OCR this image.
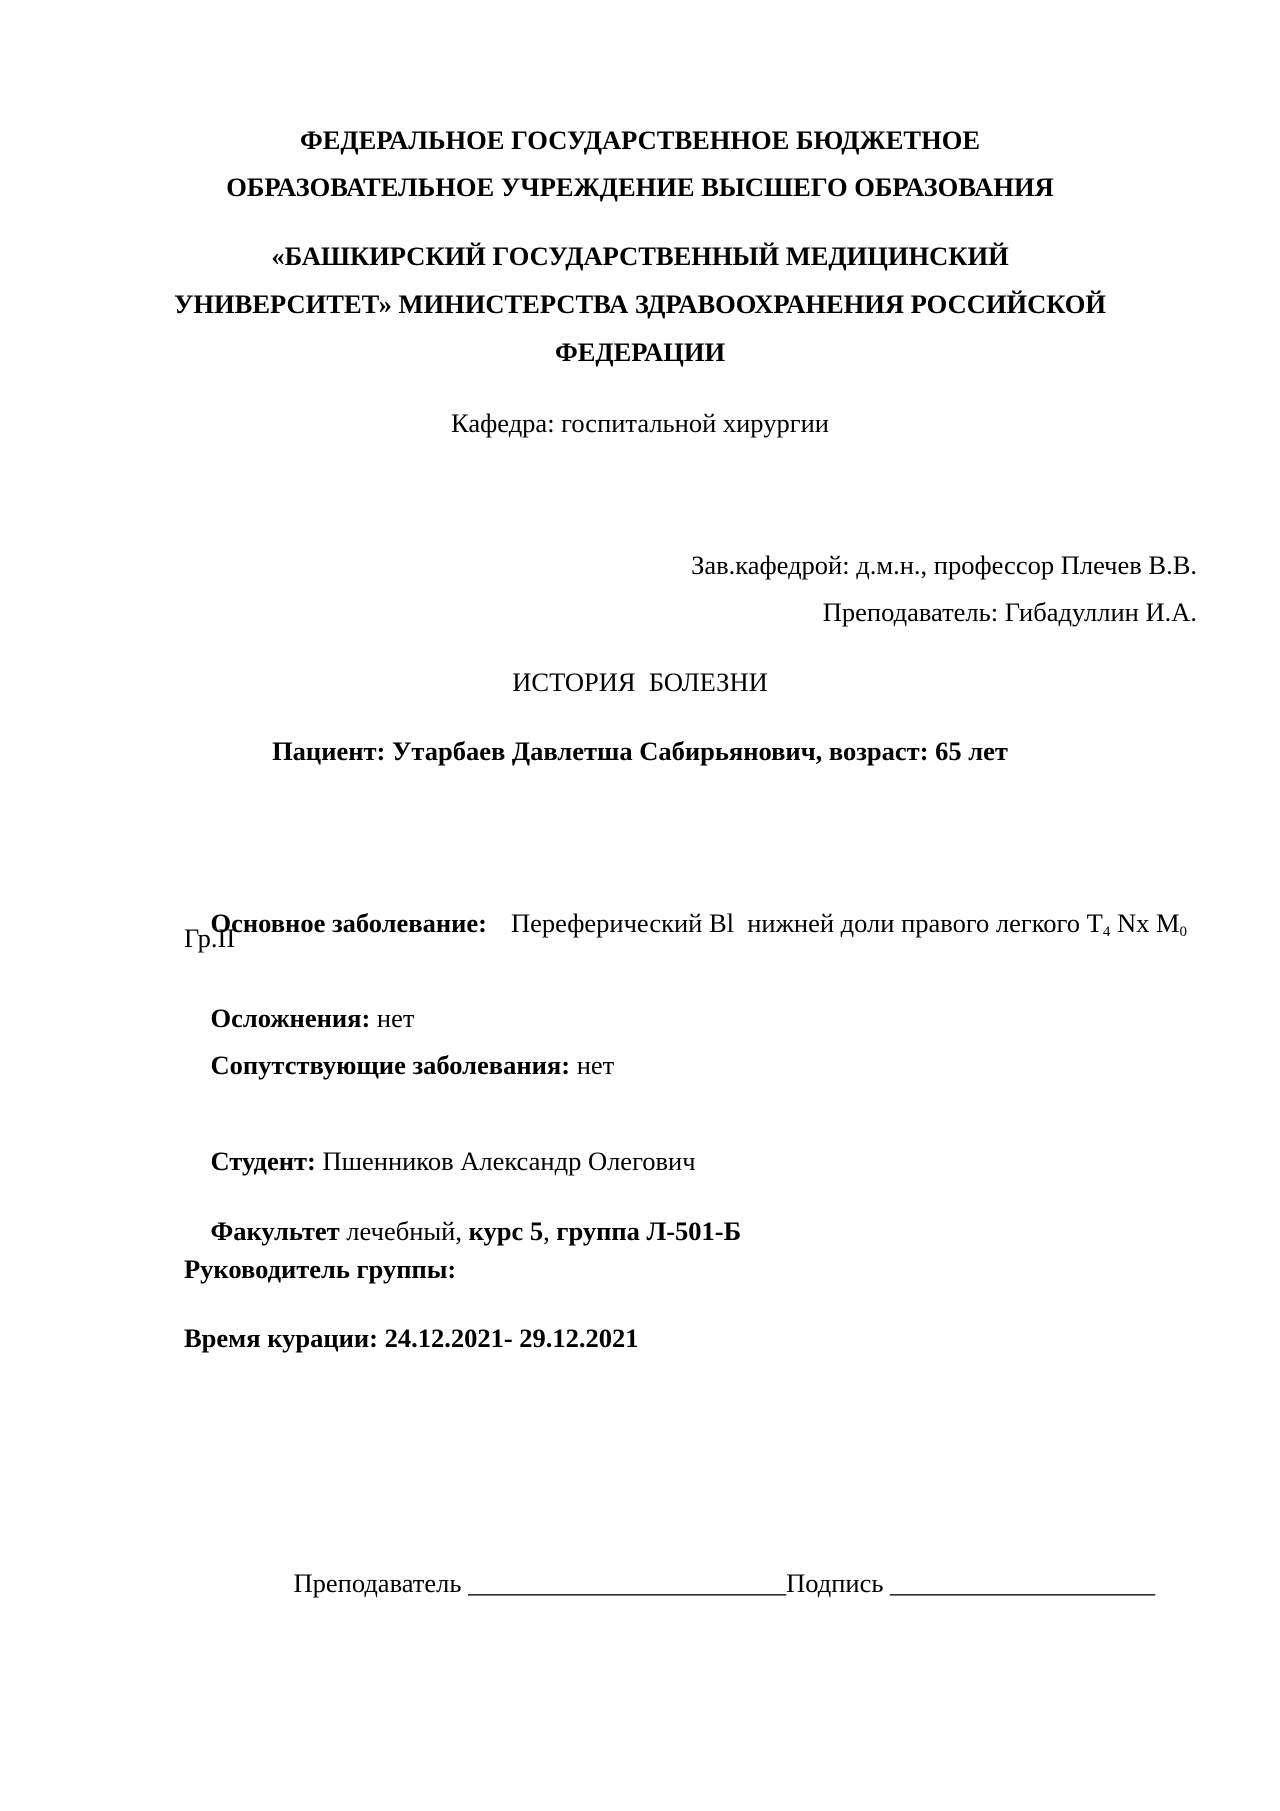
ФЕДЕРАЛЬНОЕ ГОСУДАРСТВЕННОЕ БЮДЖЕТНОЕ
ОБРАЗОВАТЕЛЬНОЕ УЧРЕЖДЕНИЕ ВЫСШЕГО ОБРАЗОВАНИЯ
«БАШКИРСКИЙ ГОСУДАРСТВЕННЫЙ МЕДИЦИНСКИЙ
УНИВЕРСИТЕТ» МИНИСТЕРСТВА ЗДРАВООХРАНЕНИЯ РОССИЙСКОЙ
ФЕДЕРАЦИИ
Кафедра: госпитальной хирургии
Зав.кафедрой: д.м.н., профессор Плечев В.В.
Преподаватель: Гибадуллин И.А.
ИСТОРИЯ  БОЛЕЗНИ
Пациент: Утарбаев Давлетша Сабирьянович, возраст: 65 лет

Основное заболевание: Переферический Bl  нижней доли правого легкого $T_4$ Nx $M_0$

Гр.II

Осложнения: нет

Сопутствующие заболевания: нет

Студент: Пшенников Александр Олегович

Факультет лечебный, курс 5, группа Л-501-Б

Руководитель группы:
Время курации: 24.12.2021- 29.12.2021

Преподаватель ________________________Подпись ____________________
